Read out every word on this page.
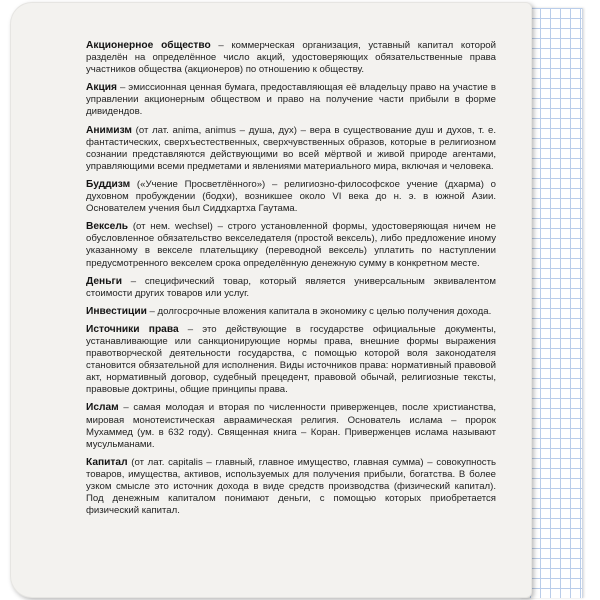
Акционерное общество – коммерческая организация, уставный капитал которой разделён на определённое число акций, удостоверяющих обязательственные права участников общества (акционеров) по отношению к обществу.

Акция – эмиссионная ценная бумага, предоставляющая её владельцу право на участие в управлении акционерным обществом и право на получение части прибыли в форме дивидендов.

Анимизм (от лат. anima, animus – душа, дух) – вера в существование душ и духов, т. е. фантастических, сверхъестественных, сверхчувственных образов, которые в религиозном сознании представляются действующими во всей мёртвой и живой природе агентами, управляющими всеми предметами и явлениями материального мира, включая и человека.

Буддизм («Учение Просветлённого») – религиозно-философское учение (дхарма) о духовном пробуждении (бодхи), возникшее около VI века до н. э. в южной Азии. Основателем учения был Сиддхартха Гаутама.

Вексель (от нем. wechsel) – строго установленной формы, удостоверяющая ничем не обусловленное обязательство векселедателя (простой вексель), либо предложение иному указанному в векселе плательщику (переводной вексель) уплатить по наступлении предусмотренного векселем срока определённую денежную сумму в конкретном месте.

Деньги – специфический товар, который является универсальным эквивалентом стоимости других товаров или услуг.

Инвестиции – долгосрочные вложения капитала в экономику с целью получения дохода.

Источники права – это действующие в государстве официальные документы, устанавливающие или санкционирующие нормы права, внешние формы выражения правотворческой деятельности государства, с помощью которой воля законодателя становится обязательной для исполнения. Виды источников права: нормативный правовой акт, нормативный договор, судебный прецедент, правовой обычай, религиозные тексты, правовые доктрины, общие принципы права.

Ислам – самая молодая и вторая по численности приверженцев, после христианства, мировая монотеистическая авраамическая религия. Основатель ислама – пророк Мухаммед (ум. в 632 году). Священная книга – Коран. Приверженцев ислама называют мусульманами.

Капитал (от лат. capitalis – главный, главное имущество, главная сумма) – совокупность товаров, имущества, активов, используемых для получения прибыли, богатства. В более узком смысле это источник дохода в виде средств производства (физический капитал). Под денежным капиталом понимают деньги, с помощью которых приобретается физический капитал.
